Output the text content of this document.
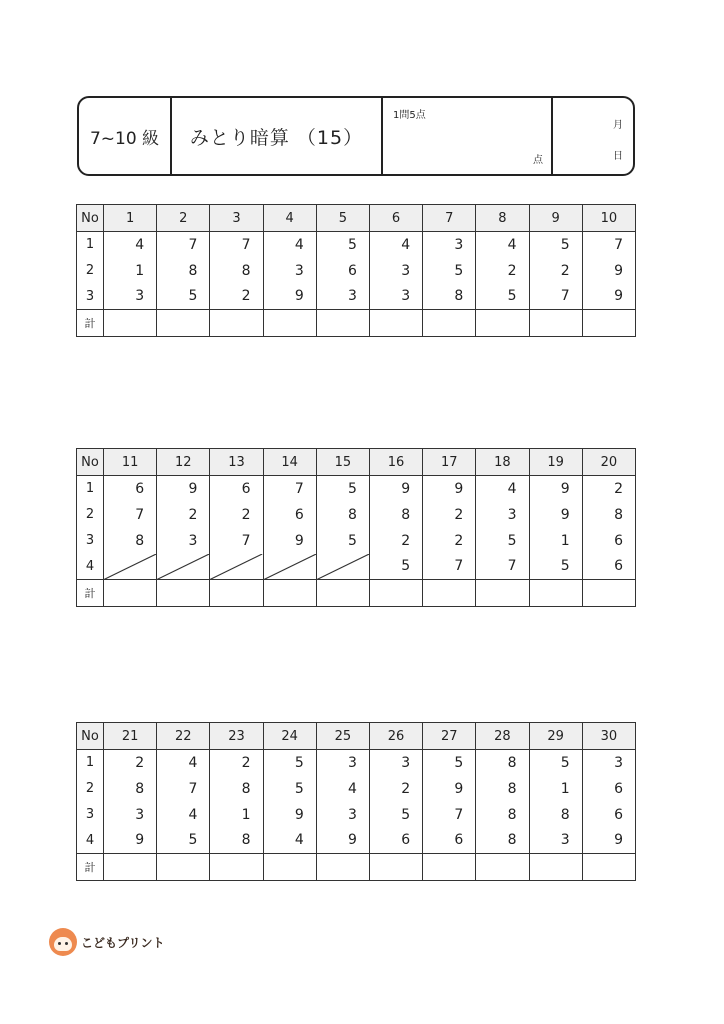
7~10 級 みとり暗算 （15）
1問5点
点
月
日
No	1	2	3	4	5	6	7	8	9	10
1	4	7	7	4	5	4	3	4	5	7
2	1	8	8	3	6	3	5	2	2	9
3	3	5	2	9	3	3	8	5	7	9
計										
No	11	12	13	14	15	16	17	18	19	20
1	6	9	6	7	5	9	9	4	9	2
2	7	2	2	6	8	8	2	3	9	8
3	8	3	7	9	5	2	2	5	1	6
4						5	7	7	5	6
計										
No	21	22	23	24	25	26	27	28	29	30
1	2	4	2	5	3	3	5	8	5	3
2	8	7	8	5	4	2	9	8	1	6
3	3	4	1	9	3	5	7	8	8	6
4	9	5	8	4	9	6	6	8	3	9
計										
こどもプリント
